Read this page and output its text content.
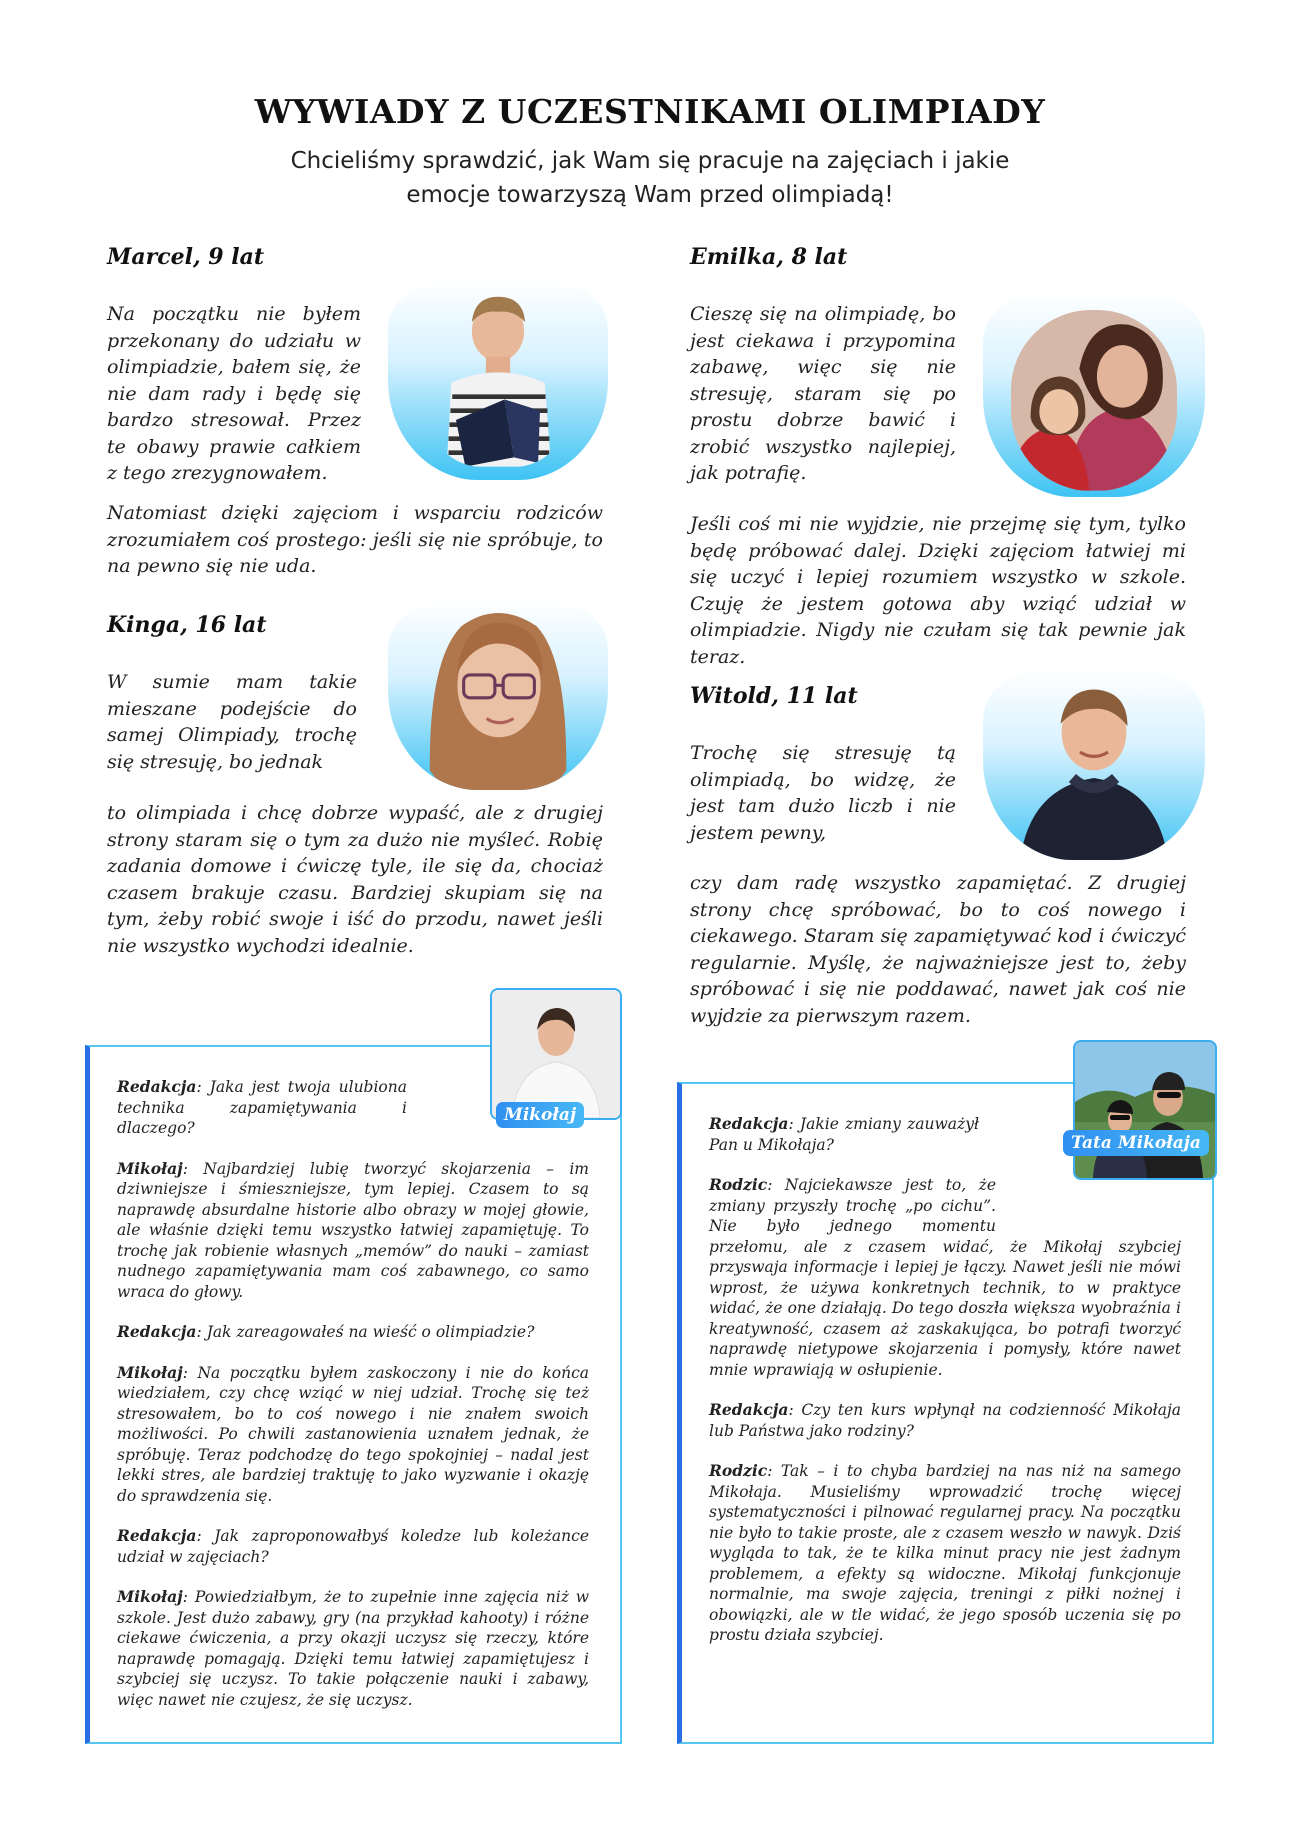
WYWIADY Z UCZESTNIKAMI OLIMPIADY
Chcieliśmy sprawdzić, jak Wam się pracuje na zajęciach i jakie emocje towarzyszą Wam przed olimpiadą!
Marcel, 9 lat

Na początku nie byłem przekonany do udziału w olimpiadzie, bałem się, że nie dam rady i będę się bardzo stresował. Przez te obawy prawie całkiem z tego zrezygnowałem.

Natomiast dzięki zajęciom i wsparciu rodziców zrozumiałem coś prostego: jeśli się nie spróbuje, to na pewno się nie uda.

Kinga, 16 lat

W sumie mam takie mieszane podejście do samej Olimpiady, trochę się stresuję, bo jednak

to olimpiada i chcę dobrze wypaść, ale z drugiej strony staram się o tym za dużo nie myśleć. Robię zadania domowe i ćwiczę tyle, ile się da, chociaż czasem brakuje czasu. Bardziej skupiam się na tym, żeby robić swoje i iść do przodu, nawet jeśli nie wszystko wychodzi idealnie.

Emilka, 8 lat

Cieszę się na olimpiadę, bo jest ciekawa i przypomina zabawę, więc się nie stresuję, staram się po prostu dobrze bawić i zrobić wszystko najlepiej, jak potrafię.

Jeśli coś mi nie wyjdzie, nie przejmę się tym, tylko będę próbować dalej. Dzięki zajęciom łatwiej mi się uczyć i lepiej rozumiem wszystko w szkole. Czuję że jestem gotowa aby wziąć udział w olimpiadzie. Nigdy nie czułam się tak pewnie jak teraz.

Witold, 11 lat

Trochę się stresuję tą olimpiadą, bo widzę, że jest tam dużo liczb i nie jestem pewny,

czy dam radę wszystko zapamiętać. Z drugiej strony chcę spróbować, bo to coś nowego i ciekawego. Staram się zapamiętywać kod i ćwiczyć regularnie. Myślę, że najważniejsze jest to, żeby spróbować i się nie poddawać, nawet jak coś nie wyjdzie za pierwszym razem.

Redakcja: Jaka jest twoja ulubiona technika zapamiętywania i dlaczego?

Mikołaj: Najbardziej lubię tworzyć skojarzenia – im dziwniejsze i śmieszniejsze, tym lepiej. Czasem to są naprawdę absurdalne historie albo obrazy w mojej głowie, ale właśnie dzięki temu wszystko łatwiej zapamiętuję. To trochę jak robienie własnych „memów” do nauki – zamiast nudnego zapamiętywania mam coś zabawnego, co samo wraca do głowy.

Redakcja: Jak zareagowałeś na wieść o olimpiadzie?

Mikołaj: Na początku byłem zaskoczony i nie do końca wiedziałem, czy chcę wziąć w niej udział. Trochę się też stresowałem, bo to coś nowego i nie znałem swoich możliwości. Po chwili zastanowienia uznałem jednak, że spróbuję. Teraz podchodzę do tego spokojniej – nadal jest lekki stres, ale bardziej traktuję to jako wyzwanie i okazję do sprawdzenia się.

Redakcja: Jak zaproponowałbyś koledze lub koleżance udział w zajęciach?

Mikołaj: Powiedziałbym, że to zupełnie inne zajęcia niż w szkole. Jest dużo zabawy, gry (na przykład kahooty) i różne ciekawe ćwiczenia, a przy okazji uczysz się rzeczy, które naprawdę pomagają. Dzięki temu łatwiej zapamiętujesz i szybciej się uczysz. To takie połączenie nauki i zabawy, więc nawet nie czujesz, że się uczysz.

Mikołaj	Redakcja: Jakie zmiany zauważył Pan u Mikołaja?

Rodzic: Najciekawsze jest to, że zmiany przyszły trochę „po cichu”. Nie było jednego momentu przełomu, ale z czasem widać, że Mikołaj szybciej przyswaja informacje i lepiej je łączy. Nawet jeśli nie mówi wprost, że używa konkretnych technik, to w praktyce widać, że one działają. Do tego doszła większa wyobraźnia i kreatywność, czasem aż zaskakująca, bo potrafi tworzyć naprawdę nietypowe skojarzenia i pomysły, które nawet mnie wprawiają w osłupienie.

Redakcja: Czy ten kurs wpłynął na codzienność Mikołaja lub Państwa jako rodziny?

Rodzic: Tak – i to chyba bardziej na nas niż na samego Mikołaja. Musieliśmy wprowadzić trochę więcej systematyczności i pilnować regularnej pracy. Na początku nie było to takie proste, ale z czasem weszło w nawyk. Dziś wygląda to tak, że te kilka minut pracy nie jest żadnym problemem, a efekty są widoczne. Mikołaj funkcjonuje normalnie, ma swoje zajęcia, treningi z piłki nożnej i obowiązki, ale w tle widać, że jego sposób uczenia się po prostu działa szybciej.

Tata Mikołaja
